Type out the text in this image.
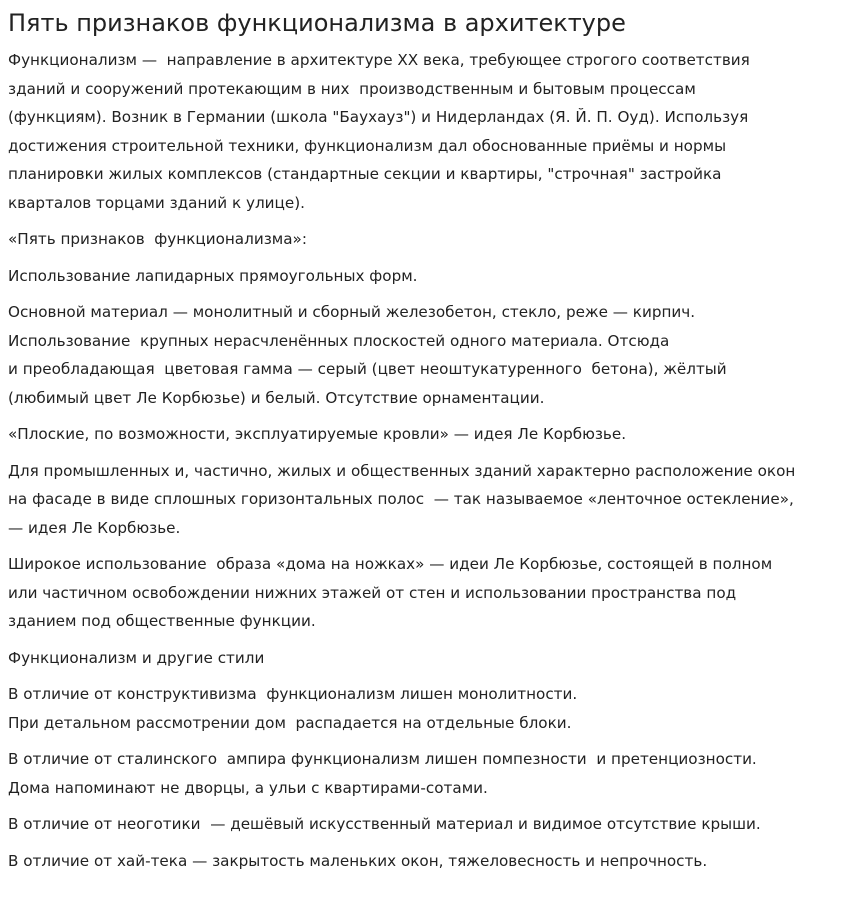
Пять признаков функционализма в архитектуре

Функционализм —  направление в архитектуре XX века, требующее строгого соответствия
зданий и сооружений протекающим в них  производственным и бытовым процессам
(функциям). Возник в Германии (школа "Баухауз") и Нидерландах (Я. Й. П. Оуд). Используя
достижения строительной техники, функционализм дал обоснованные приёмы и нормы
планировки жилых комплексов (стандартные секции и квартиры, "строчная" застройка
кварталов торцами зданий к улице).

«Пять признаков  функционализма»:

Использование лапидарных прямоугольных форм.

Основной материал — монолитный и сборный железобетон, стекло, реже — кирпич.
Использование  крупных нерасчленённых плоскостей одного материала. Отсюда
и преобладающая  цветовая гамма — серый (цвет неоштукатуренного  бетона), жёлтый
(любимый цвет Ле Корбюзье) и белый. Отсутствие орнаментации.

«Плоские, по возможности, эксплуатируемые кровли» — идея Ле Корбюзье.

Для промышленных и, частично, жилых и общественных зданий характерно расположение окон
на фасаде в виде сплошных горизонтальных полос  — так называемое «ленточное остекление»,
— идея Ле Корбюзье.

Широкое использование  образа «дома на ножках» — идеи Ле Корбюзье, состоящей в полном
или частичном освобождении нижних этажей от стен и использовании пространства под
зданием под общественные функции.

Функционализм и другие стили

В отличие от конструктивизма  функционализм лишен монолитности.
При детальном рассмотрении дом  распадается на отдельные блоки.

В отличие от сталинского  ампира функционализм лишен помпезности  и претенциозности.
Дома напоминают не дворцы, а ульи с квартирами-сотами.

В отличие от неоготики  — дешёвый искусственный материал и видимое отсутствие крыши.

В отличие от хай-тека — закрытость маленьких окон, тяжеловесность и непрочность.
